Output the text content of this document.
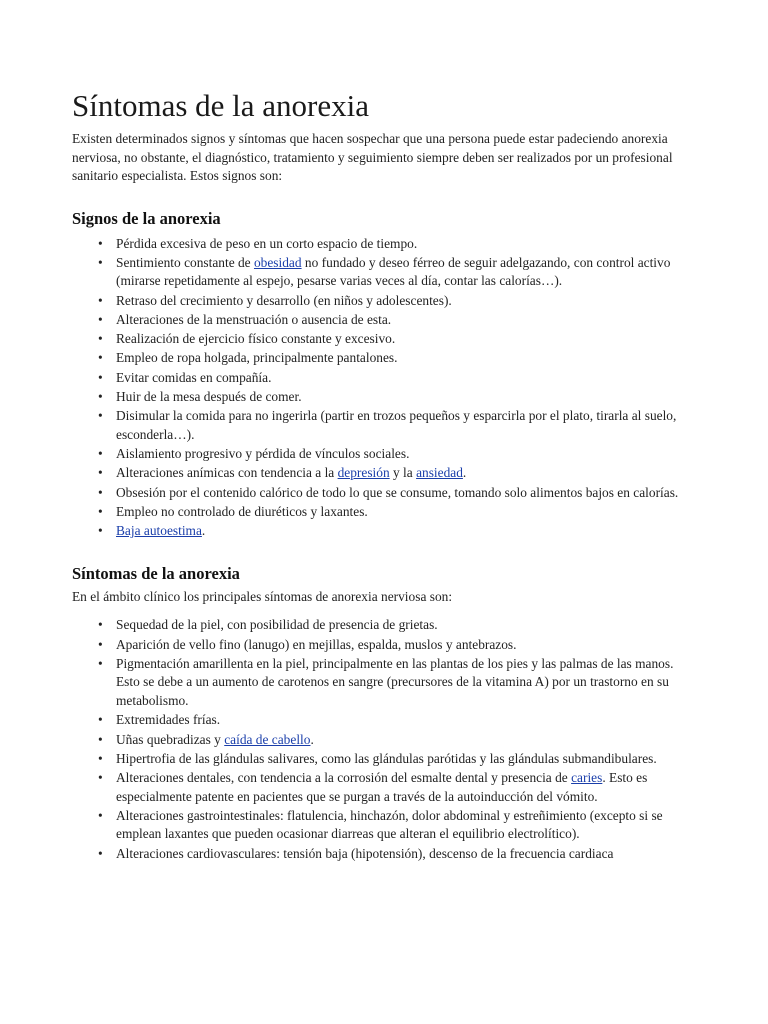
Síntomas de la anorexia

Existen determinados signos y síntomas que hacen sospechar que una persona puede estar padeciendo anorexia nerviosa, no obstante, el diagnóstico, tratamiento y seguimiento siempre deben ser realizados por un profesional sanitario especialista. Estos signos son:

Signos de la anorexia
• Pérdida excesiva de peso en un corto espacio de tiempo.
• Sentimiento constante de obesidad no fundado y deseo férreo de seguir adelgazando, con control activo (mirarse repetidamente al espejo, pesarse varias veces al día, contar las calorías…).
• Retraso del crecimiento y desarrollo (en niños y adolescentes).
• Alteraciones de la menstruación o ausencia de esta.
• Realización de ejercicio físico constante y excesivo.
• Empleo de ropa holgada, principalmente pantalones.
• Evitar comidas en compañía.
• Huir de la mesa después de comer.
• Disimular la comida para no ingerirla (partir en trozos pequeños y esparcirla por el plato, tirarla al suelo, esconderla…).
• Aislamiento progresivo y pérdida de vínculos sociales.
• Alteraciones anímicas con tendencia a la depresión y la ansiedad.
• Obsesión por el contenido calórico de todo lo que se consume, tomando solo alimentos bajos en calorías.
• Empleo no controlado de diuréticos y laxantes.
• Baja autoestima.
Síntomas de la anorexia

En el ámbito clínico los principales síntomas de anorexia nerviosa son:

• Sequedad de la piel, con posibilidad de presencia de grietas.
• Aparición de vello fino (lanugo) en mejillas, espalda, muslos y antebrazos.
• Pigmentación amarillenta en la piel, principalmente en las plantas de los pies y las palmas de las manos. Esto se debe a un aumento de carotenos en sangre (precursores de la vitamina A) por un trastorno en su metabolismo.
• Extremidades frías.
• Uñas quebradizas y caída de cabello.
• Hipertrofia de las glándulas salivares, como las glándulas parótidas y las glándulas submandibulares.
• Alteraciones dentales, con tendencia a la corrosión del esmalte dental y presencia de caries. Esto es especialmente patente en pacientes que se purgan a través de la autoinducción del vómito.
• Alteraciones gastrointestinales: flatulencia, hinchazón, dolor abdominal y estreñimiento (excepto si se emplean laxantes que pueden ocasionar diarreas que alteran el equilibrio electrolítico).
• Alteraciones cardiovasculares: tensión baja (hipotensión), descenso de la frecuencia cardiaca
